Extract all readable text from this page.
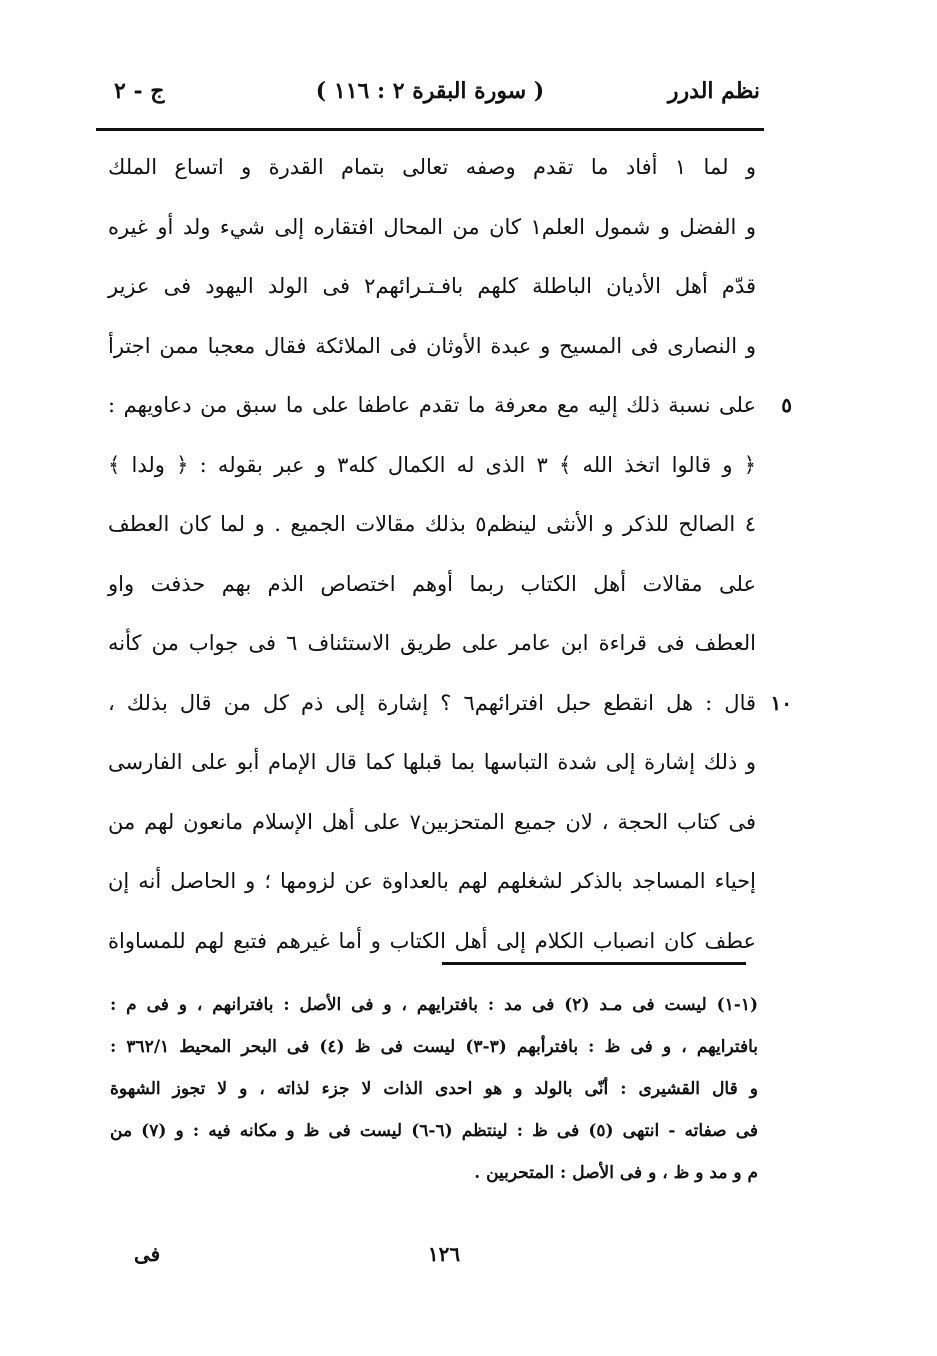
نظم الدرر
( سورة البقرة ٢ : ١١٦ )
ج - ٢
و لما ١ أفاد ما تقدم وصفه تعالى بتمام القدرة و اتساع الملك
و الفضل و شمول العلم١ كان من المحال افتقاره إلى شيء ولد أو غيره
قدّم أهل الأديان الباطلة كلهم بافـتـرائهم٢ فى الولد اليهود فى عزير
و النصارى فى المسيح و عبدة الأوثان فى الملائكة فقال معجبا ممن اجترأ
٥
على نسبة ذلك إليه مع معرفة ما تقدم عاطفا على ما سبق من دعاويهم :
﴿ و قالوا اتخذ الله ﴾ ٣ الذى له الكمال كله٣ و عبر بقوله : ﴿ ولدا ﴾
٤ الصالح للذكر و الأنثى لينظم٥ بذلك مقالات الجميع . و لما كان العطف
على مقالات أهل الكتاب ربما أوهم اختصاص الذم بهم حذفت واو
العطف فى قراءة ابن عامر على طريق الاستئناف ٦ فى جواب من كأنه
١٠
قال : هل انقطع حبل افترائهم٦ ؟ إشارة إلى ذم كل من قال بذلك ،
و ذلك إشارة إلى شدة التباسها بما قبلها كما قال الإمام أبو على الفارسى
فى كتاب الحجة ، لان جميع المتحزبين٧ على أهل الإسلام مانعون لهم من
إحياء المساجد بالذكر لشغلهم لهم بالعداوة عن لزومها ؛ و الحاصل أنه إن
عطف كان انصباب الكلام إلى أهل الكتاب و أما غيرهم فتبع لهم للمساواة
(١-١) ليست فى مـد (٢) فى مد : بافترايهم ، و فى الأصل : بافترانهم ، و فى م :
بافترايهم ، و فى ظ : بافترأبهم (٣-٣) ليست فى ظ (٤) فى البحر المحيط ٣٦٢/١ :
و قال القشيرى : أنّى بالولد و هو احدى الذات لا جزء لذاته ، و لا تجوز الشهوة
فى صفاته - انتهى (٥) فى ظ : لينتظم (٦-٦) ليست فى ظ و مكانه فيه : و (٧) من
م و مد و ظ ، و فى الأصل : المتحربين .
١٢٦
فى
